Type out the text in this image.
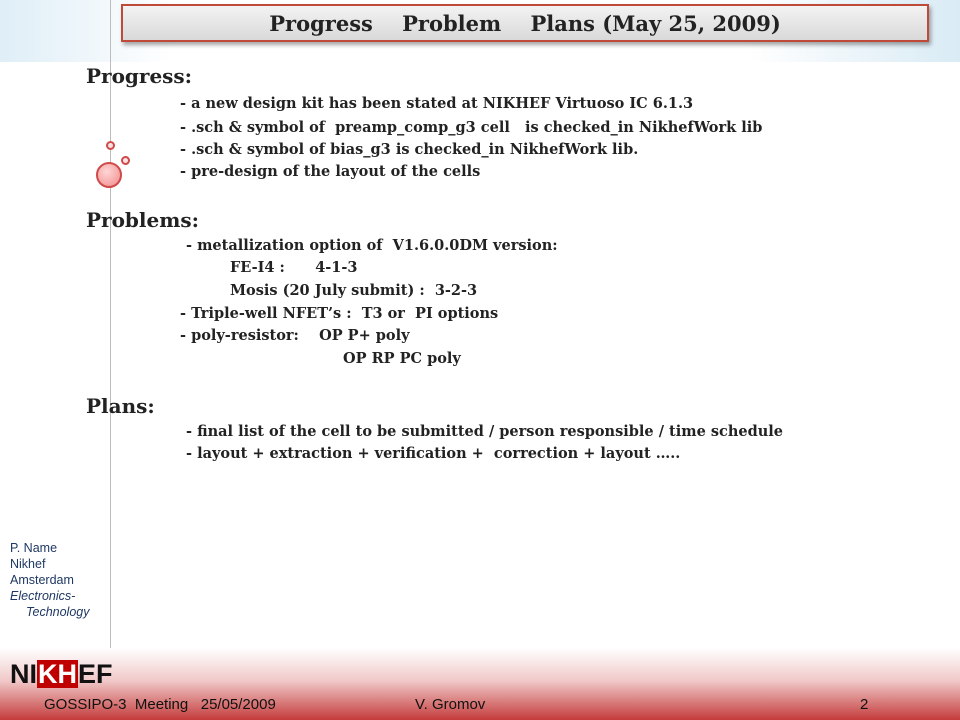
Progress    Problem    Plans (May 25, 2009)
Progress:
- a new design kit has been stated at NIKHEF Virtuoso IC 6.1.3
- .sch & symbol of  preamp_comp_g3 cell   is checked_in NikhefWork lib
- .sch & symbol of bias_g3 is checked_in NikhefWork lib.
- pre-design of the layout of the cells
Problems:
- metallization option of  V1.6.0.0DM version:
FE-I4 :      4-1-3
Mosis (20 July submit) :  3-2-3
- Triple-well NFET’s :  T3 or  PI options
- poly-resistor:    OP P+ poly
OP RP PC poly
Plans:
- final list of the cell to be submitted / person responsible / time schedule
- layout + extraction + verification +  correction + layout …..
P. Name
Nikhef
Amsterdam
Electronics-
Technology
NI KH EF
GOSSIPO-3  Meeting   25/05/2009	V. Gromov	2
